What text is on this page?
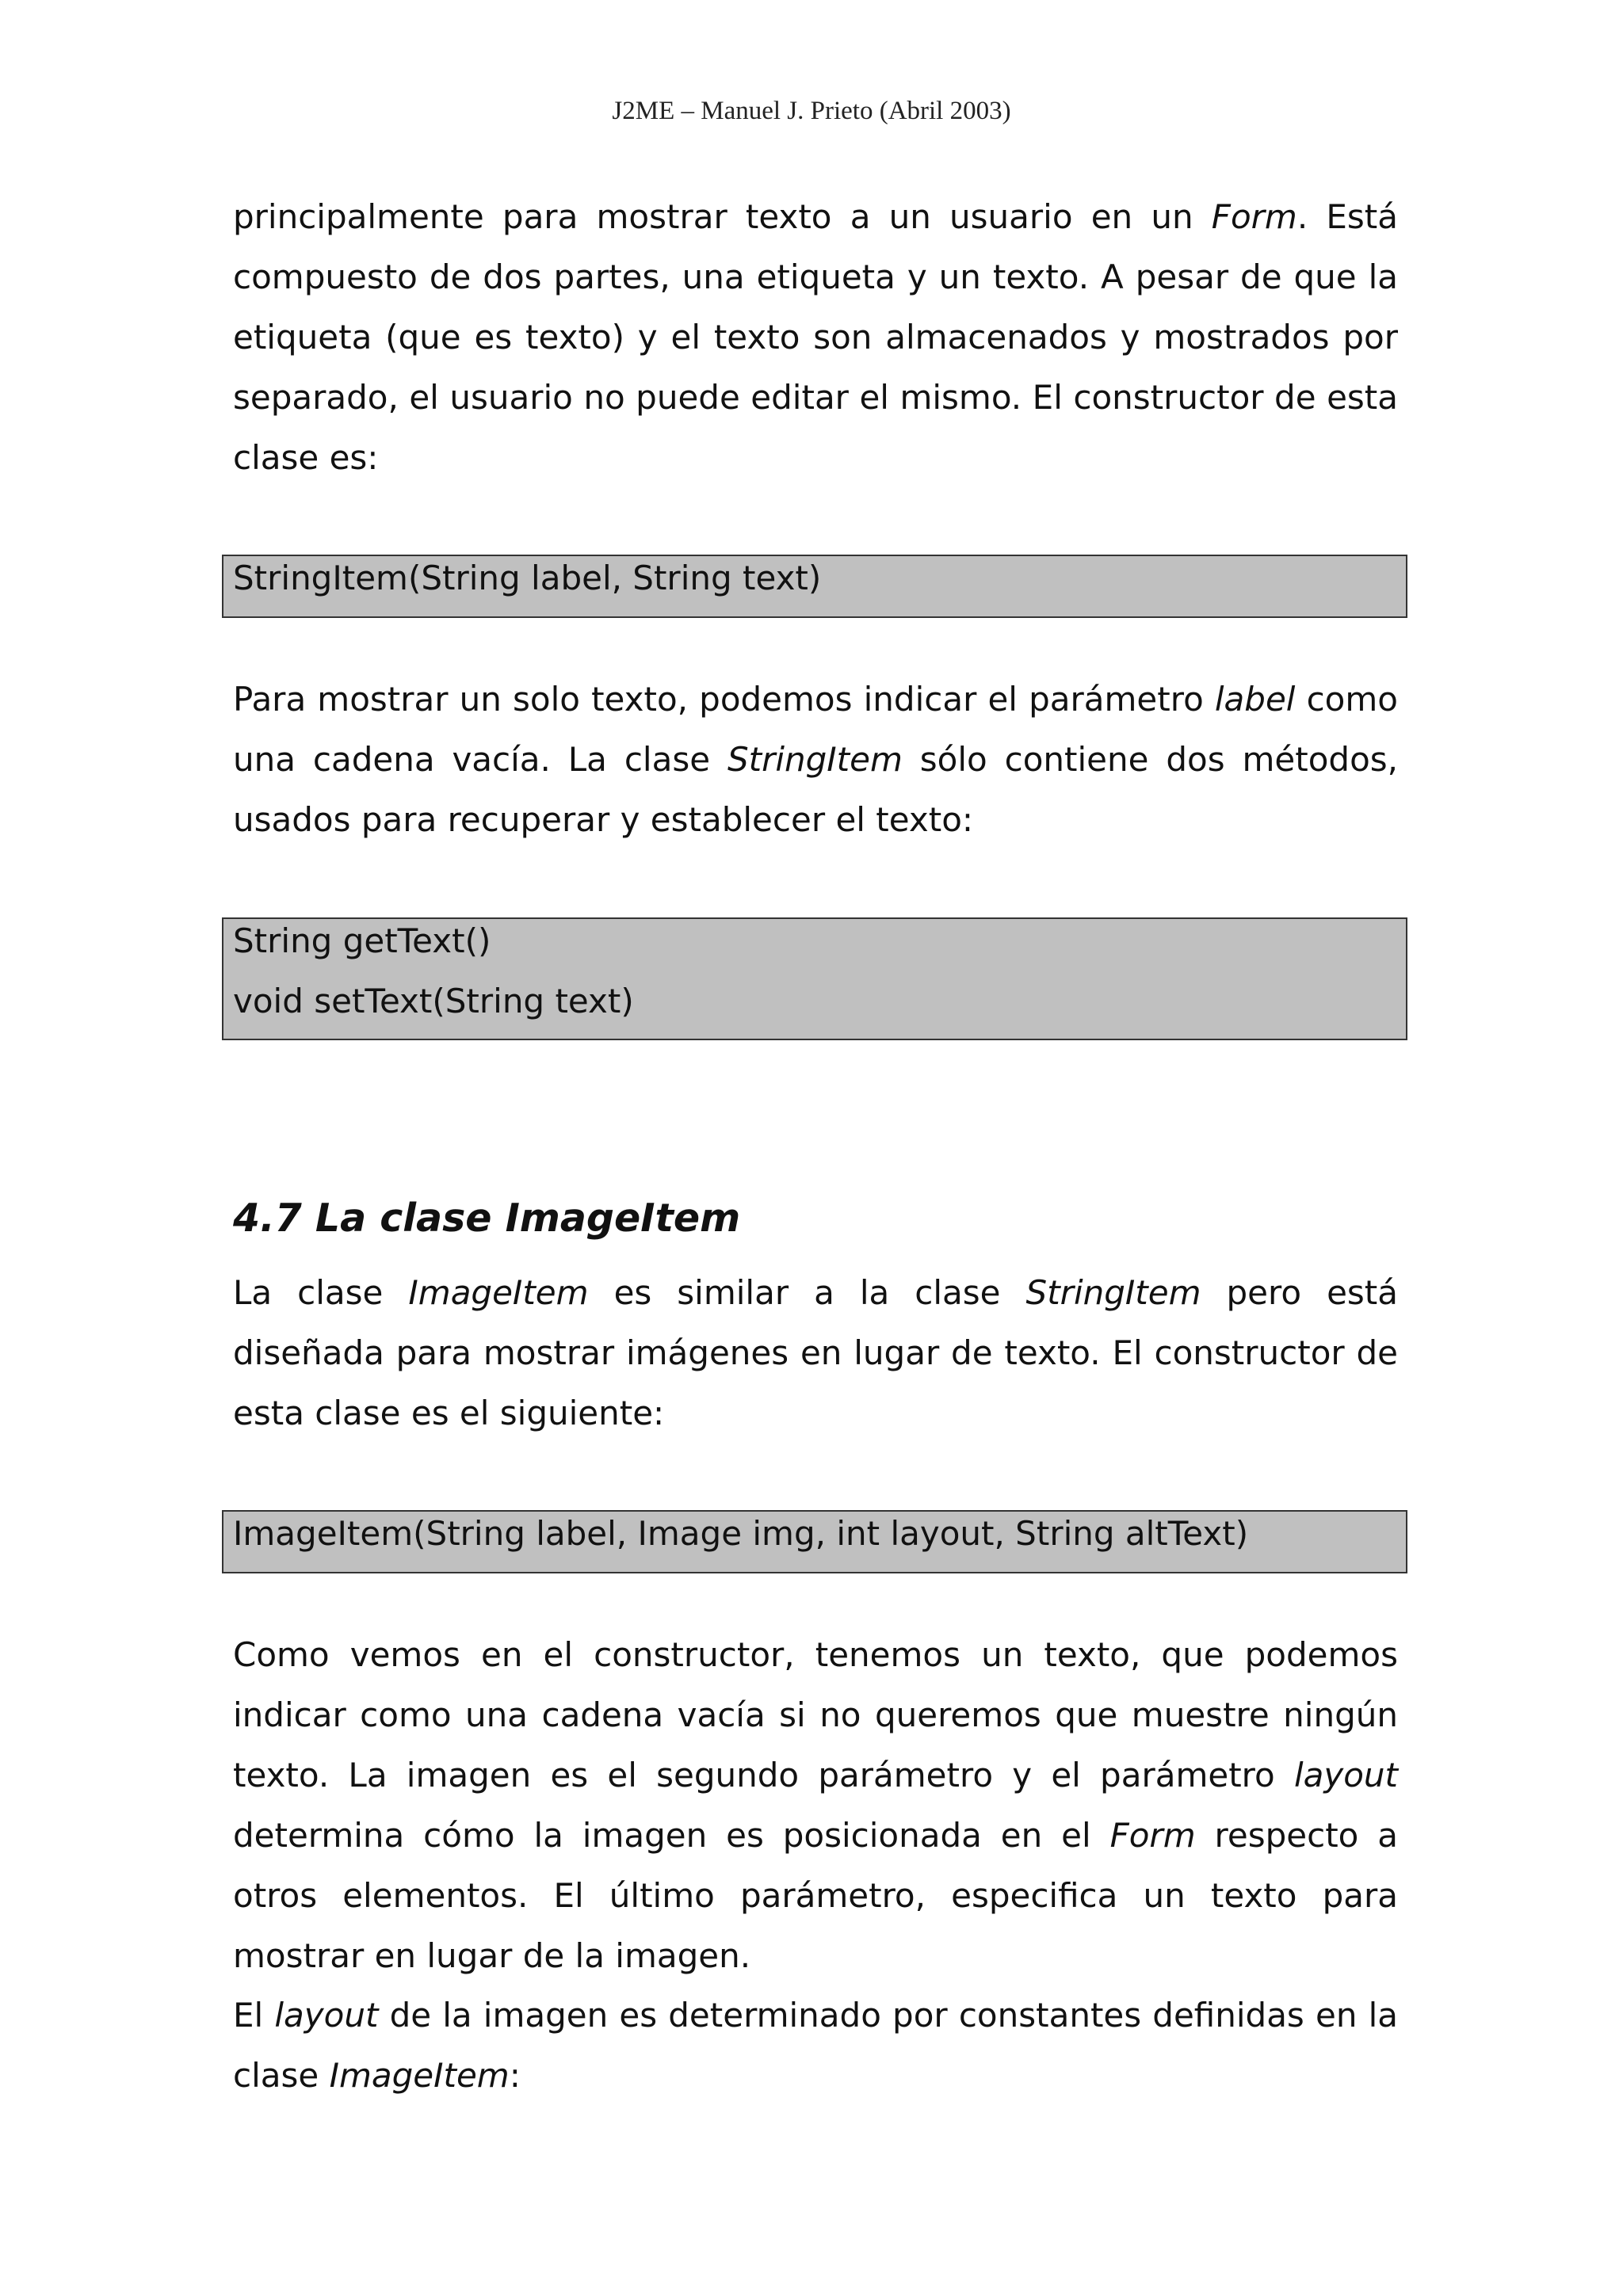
J2ME – Manuel J. Prieto (Abril 2003)

principalmente para mostrar texto a un usuario en un Form. Está compuesto de dos partes, una etiqueta y un texto. A pesar de que la etiqueta (que es texto) y el texto son almacenados y mostrados por separado, el usuario no puede editar el mismo. El constructor de esta clase es:

StringItem(String label, String text)

Para mostrar un solo texto, podemos indicar el parámetro label como una cadena vacía. La clase StringItem sólo contiene dos métodos, usados para recuperar y establecer el texto:

String getText()
void setText(String text)
4.7 La clase ImageItem

La clase ImageItem es similar a la clase StringItem pero está diseñada para mostrar imágenes en lugar de texto. El constructor de esta clase es el siguiente:

ImageItem(String label, Image img, int layout, String altText)

Como vemos en el constructor, tenemos un texto, que podemos indicar como una cadena vacía si no queremos que muestre ningún texto. La imagen es el segundo parámetro y el parámetro layout determina cómo la imagen es posicionada en el Form respecto a otros elementos. El último parámetro, especifica un texto para mostrar en lugar de la imagen.

El layout de la imagen es determinado por constantes definidas en la clase ImageItem:
